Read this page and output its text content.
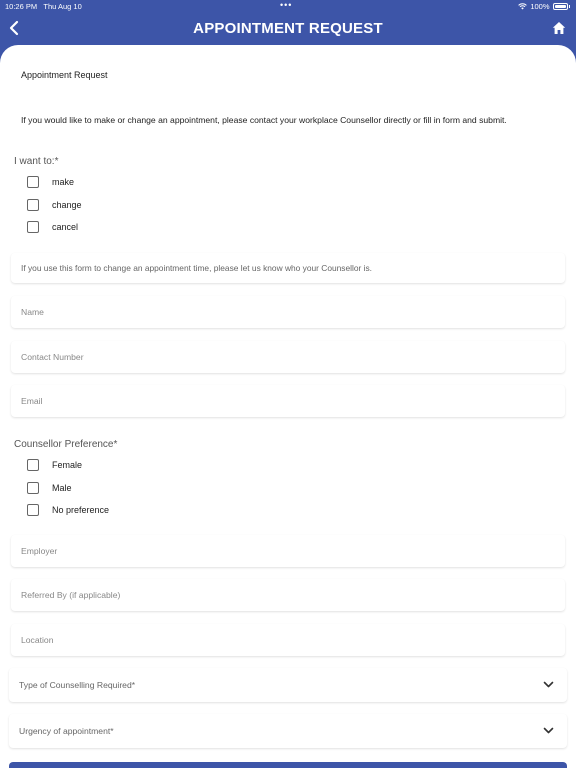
10:26 PM Thu Aug 10	•••	100%
APPOINTMENT REQUEST
Appointment Request
If you would like to make or change an appointment, please contact your workplace Counsellor directly or fill in form and submit.
I want to:*
make
change
cancel
If you use this form to change an appointment time, please let us know who your Counsellor is.
Name
Contact Number
Email
Counsellor Preference*
Female
Male
No preference
Employer
Referred By (if applicable)
Location
Type of Counselling Required*
Urgency of appointment*
